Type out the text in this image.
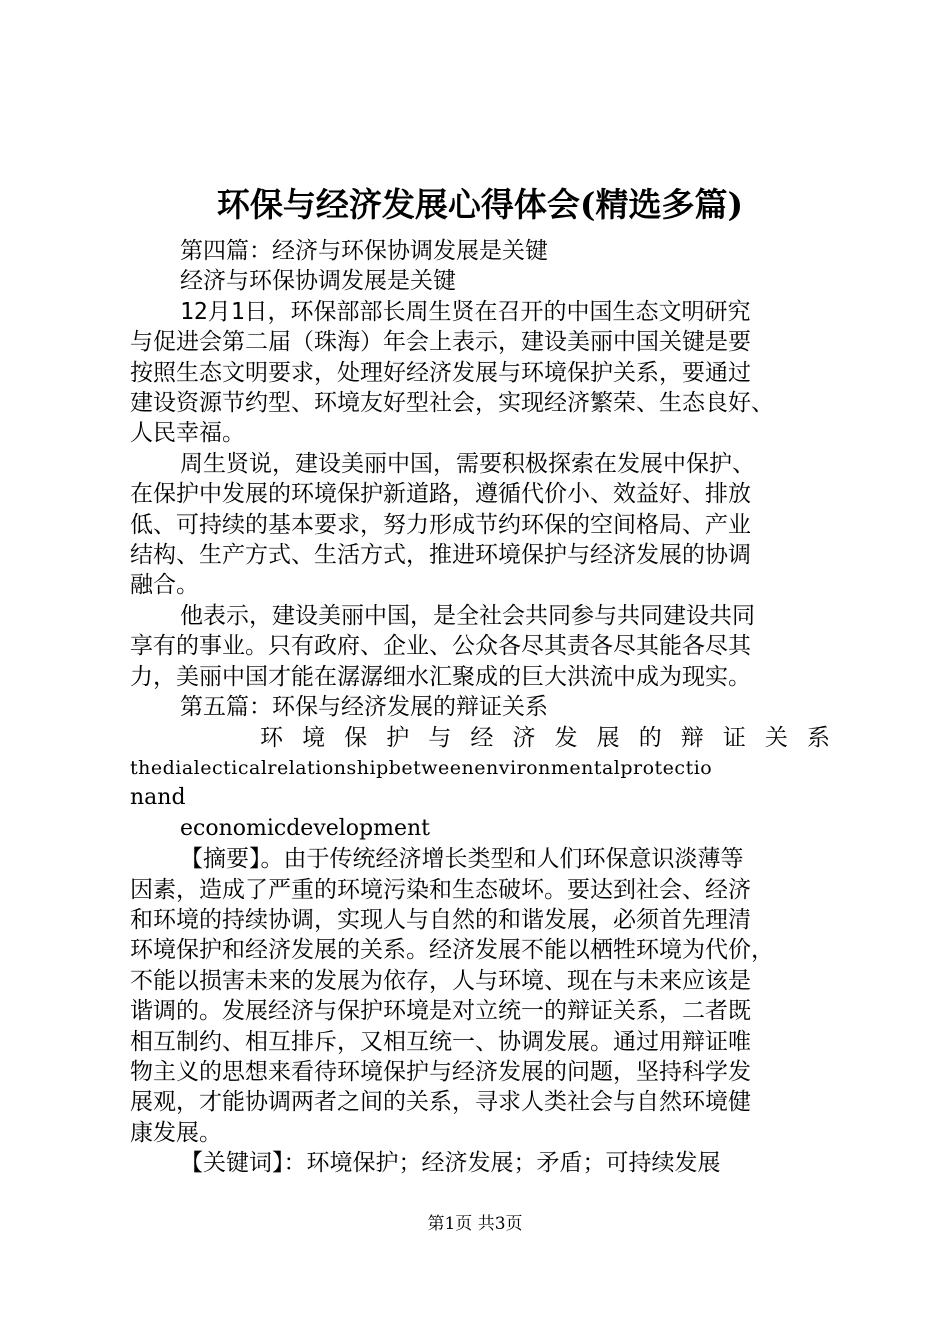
环保与经济发展心得体会(精选多篇)
第四篇：经济与环保协调发展是关键
经济与环保协调发展是关键
12月1日，环保部部长周生贤在召开的中国生态文明研究
与促进会第二届（珠海）年会上表示，建设美丽中国关键是要
按照生态文明要求，处理好经济发展与环境保护关系，要通过
建设资源节约型、环境友好型社会，实现经济繁荣、生态良好、
人民幸福。
周生贤说，建设美丽中国，需要积极探索在发展中保护、
在保护中发展的环境保护新道路，遵循代价小、效益好、排放
低、可持续的基本要求，努力形成节约环保的空间格局、产业
结构、生产方式、生活方式，推进环境保护与经济发展的协调
融合。
他表示，建设美丽中国，是全社会共同参与共同建设共同
享有的事业。只有政府、企业、公众各尽其责各尽其能各尽其
力，美丽中国才能在潺潺细水汇聚成的巨大洪流中成为现实。
第五篇：环保与经济发展的辩证关系
环境保护与经济发展的辩证关系
thedialecticalrelationshipbetweenenvironmentalprotectio
nand
economicdevelopment
【摘要】。由于传统经济增长类型和人们环保意识淡薄等
因素，造成了严重的环境污染和生态破坏。要达到社会、经济
和环境的持续协调，实现人与自然的和谐发展，必须首先理清
环境保护和经济发展的关系。经济发展不能以栖牲环境为代价，
不能以损害未来的发展为依存，人与环境、现在与未来应该是
谐调的。发展经济与保护环境是对立统一的辩证关系，二者既
相互制约、相互排斥，又相互统一、协调发展。通过用辩证唯
物主义的思想来看待环境保护与经济发展的问题，坚持科学发
展观，才能协调两者之间的关系，寻求人类社会与自然环境健
康发展。
【关键词】：环境保护；经济发展；矛盾；可持续发展
第1页 共3页
